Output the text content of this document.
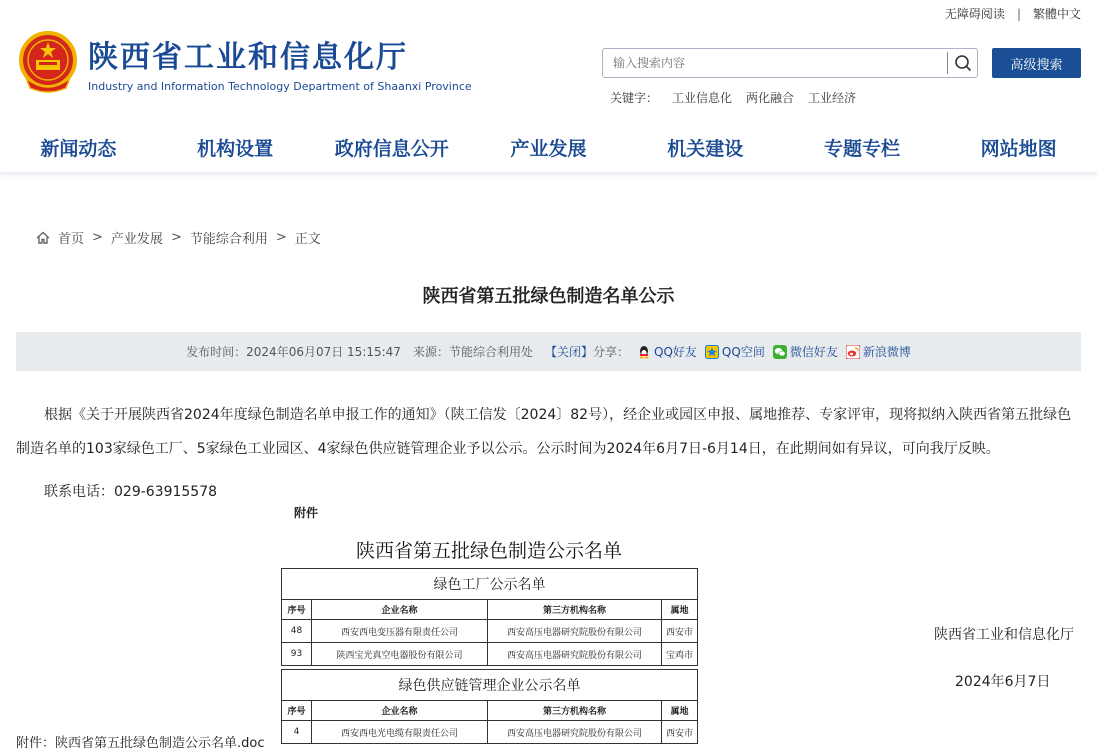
无障碍阅读 | 繁體中文
陕西省工业和信息化厅
Industry and Information Technology Department of Shaanxi Province
输入搜索内容
高级搜索
关键字： 工业信息化 两化融合 工业经济
新闻动态	机构设置	政府信息公开	产业发展	机关建设	专题专栏	网站地图
首页 > 产业发展 > 节能综合利用 > 正文
陕西省第五批绿色制造名单公示
发布时间： 2024年06月07日 15:15:47 来源： 节能综合利用处 【关闭】 分享： QQ好友 QQ空间 微信好友 新浪微博
根据《关于开展陕西省2024年度绿色制造名单申报工作的通知》（陕工信发〔2024〕82号），经企业或园区申报、属地推荐、专家评审，现将拟纳入陕西省第五批绿色制造名单的103家绿色工厂、5家绿色工业园区、4家绿色供应链管理企业予以公示。公示时间为2024年6月7日-6月14日，在此期间如有异议，可向我厅反映。
联系电话：029-63915578
附件
陕西省第五批绿色制造公示名单
绿色工厂公示名单			
序号	企业名称	第三方机构名称	属地
48	西安西电变压器有限责任公司	西安高压电器研究院股份有限公司	西安市
93	陕西宝光真空电器股份有限公司	西安高压电器研究院股份有限公司	宝鸡市
绿色供应链管理企业公示名单			
序号	企业名称	第三方机构名称	属地
4	西安西电光电缆有限责任公司	西安高压电器研究院股份有限公司	西安市
陕西省工业和信息化厅
2024年6月7日
附件：陕西省第五批绿色制造公示名单.doc
